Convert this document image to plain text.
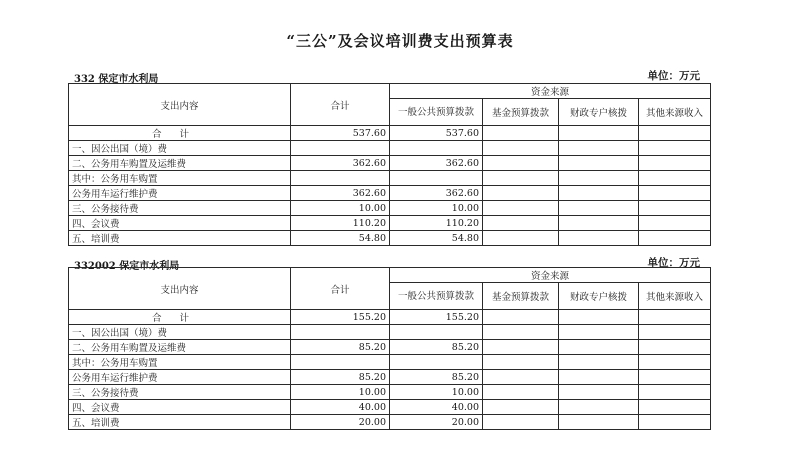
“三公”及会议培训费支出预算表
332 保定市水利局	单位：万元
支出内容	合计	资金来源			
		一般公共预算拨款	基金预算拨款	财政专户核拨	其他来源收入
合计	537.60	537.60			
一、因公出国（境）费					
二、公务用车购置及运维费	362.60	362.60			
其中：公务用车购置					
公务用车运行维护费	362.60	362.60			
三、公务接待费	10.00	10.00			
四、会议费	110.20	110.20			
五、培训费	54.80	54.80			
332002 保定市水利局	单位：万元
支出内容	合计	资金来源			
		一般公共预算拨款	基金预算拨款	财政专户核拨	其他来源收入
合计	155.20	155.20			
一、因公出国（境）费					
二、公务用车购置及运维费	85.20	85.20			
其中：公务用车购置					
公务用车运行维护费	85.20	85.20			
三、公务接待费	10.00	10.00			
四、会议费	40.00	40.00			
五、培训费	20.00	20.00			
